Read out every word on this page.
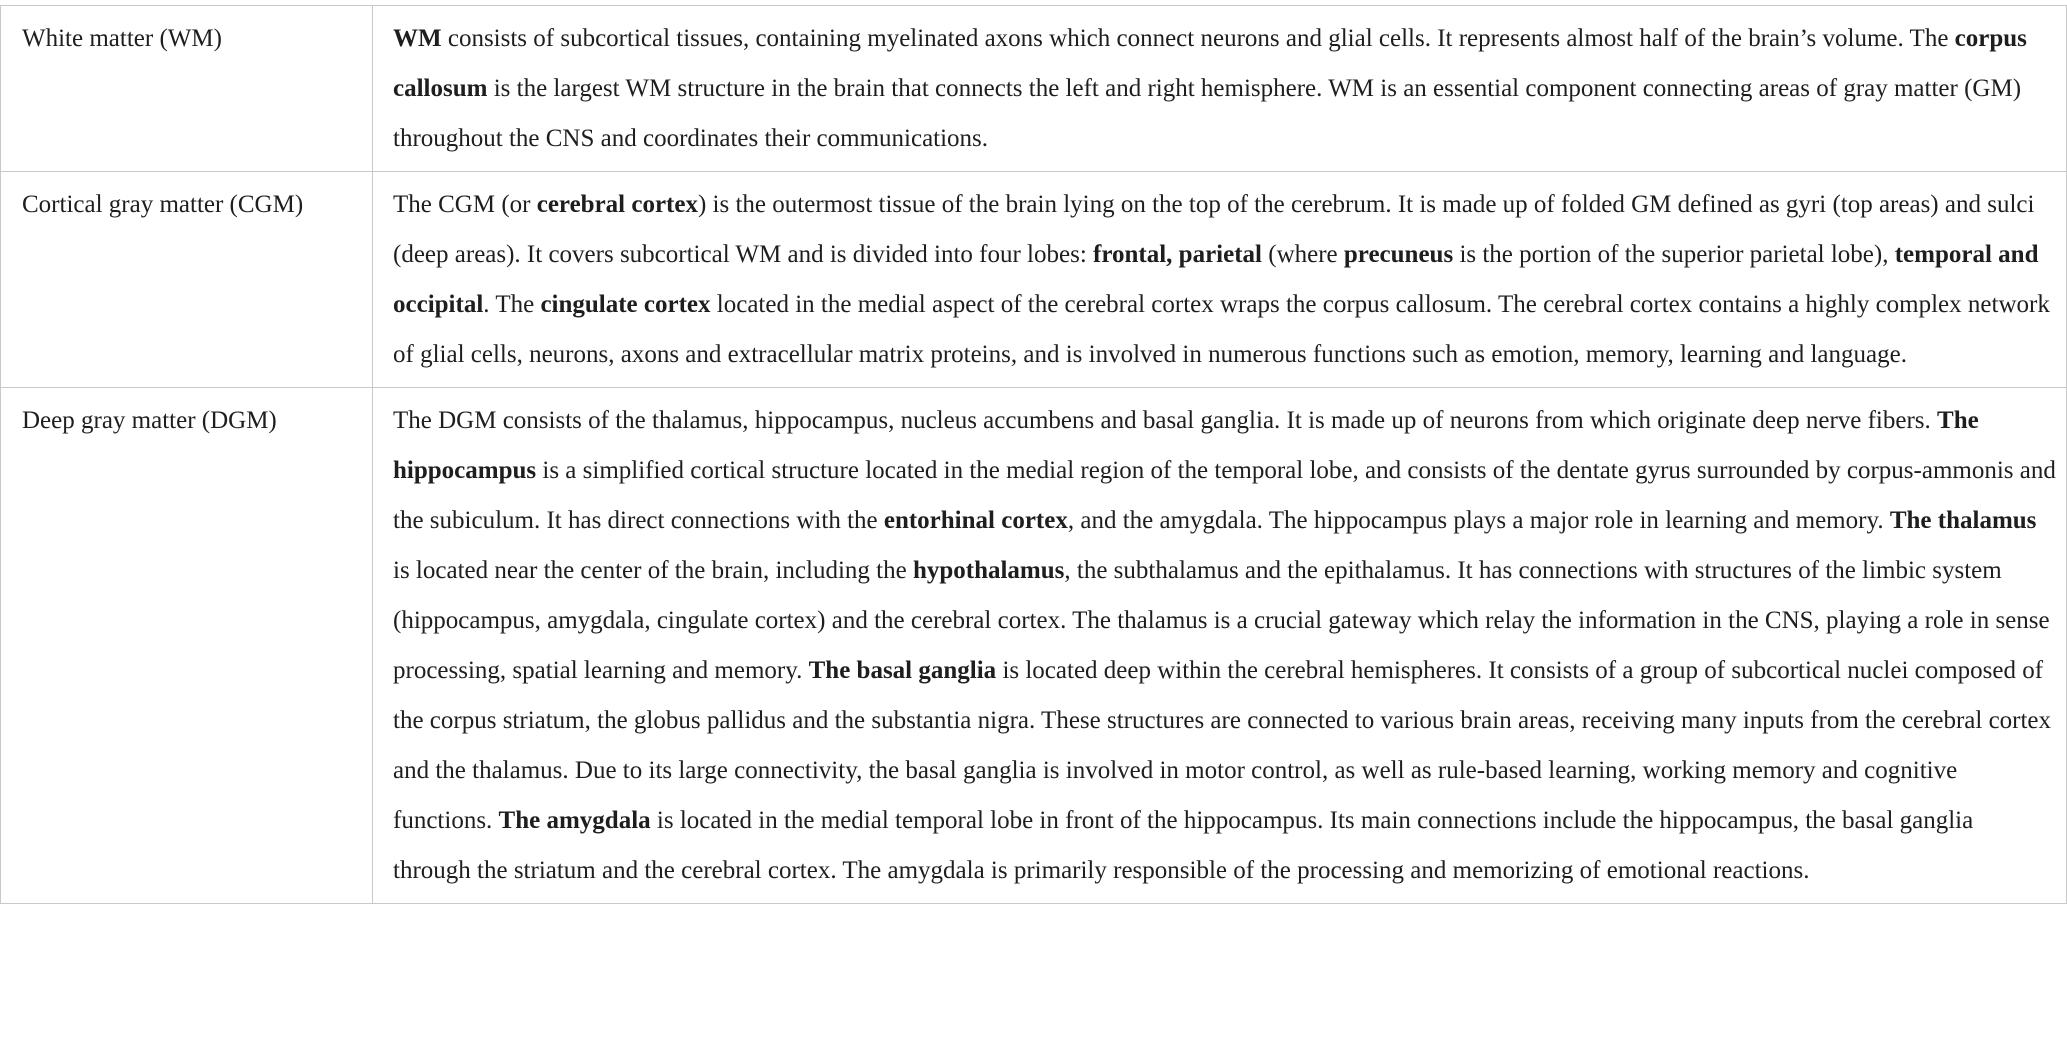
White matter (WM)	WM consists of subcortical tissues, containing myelinated axons which connect neurons and glial cells. It represents almost half of the brain’s volume. The corpus callosum is the largest WM structure in the brain that connects the left and right hemisphere. WM is an essential component connecting areas of gray matter (GM) throughout the CNS and coordinates their communications.
Cortical gray matter (CGM)	The CGM (or cerebral cortex) is the outermost tissue of the brain lying on the top of the cerebrum. It is made up of folded GM defined as gyri (top areas) and sulci (deep areas). It covers subcortical WM and is divided into four lobes: frontal, parietal (where precuneus is the portion of the superior parietal lobe), temporal and occipital. The cingulate cortex located in the medial aspect of the cerebral cortex wraps the corpus callosum. The cerebral cortex contains a highly complex network of glial cells, neurons, axons and extracellular matrix proteins, and is involved in numerous functions such as emotion, memory, learning and language.
Deep gray matter (DGM)	The DGM consists of the thalamus, hippocampus, nucleus accumbens and basal ganglia. It is made up of neurons from which originate deep nerve fibers. The hippocampus is a simplified cortical structure located in the medial region of the temporal lobe, and consists of the dentate gyrus surrounded by corpus-ammonis and the subiculum. It has direct connections with the entorhinal cortex, and the amygdala. The hippocampus plays a major role in learning and memory. The thalamus is located near the center of the brain, including the hypothalamus, the subthalamus and the epithalamus. It has connections with structures of the limbic system (hippocampus, amygdala, cingulate cortex) and the cerebral cortex. The thalamus is a crucial gateway which relay the information in the CNS, playing a role in sense processing, spatial learning and memory. The basal ganglia is located deep within the cerebral hemispheres. It consists of a group of subcortical nuclei composed of the corpus striatum, the globus pallidus and the substantia nigra. These structures are connected to various brain areas, receiving many inputs from the cerebral cortex and the thalamus. Due to its large connectivity, the basal ganglia is involved in motor control, as well as rule-based learning, working memory and cognitive functions. The amygdala is located in the medial temporal lobe in front of the hippocampus. Its main connections include the hippocampus, the basal ganglia through the striatum and the cerebral cortex. The amygdala is primarily responsible of the processing and memorizing of emotional reactions.
